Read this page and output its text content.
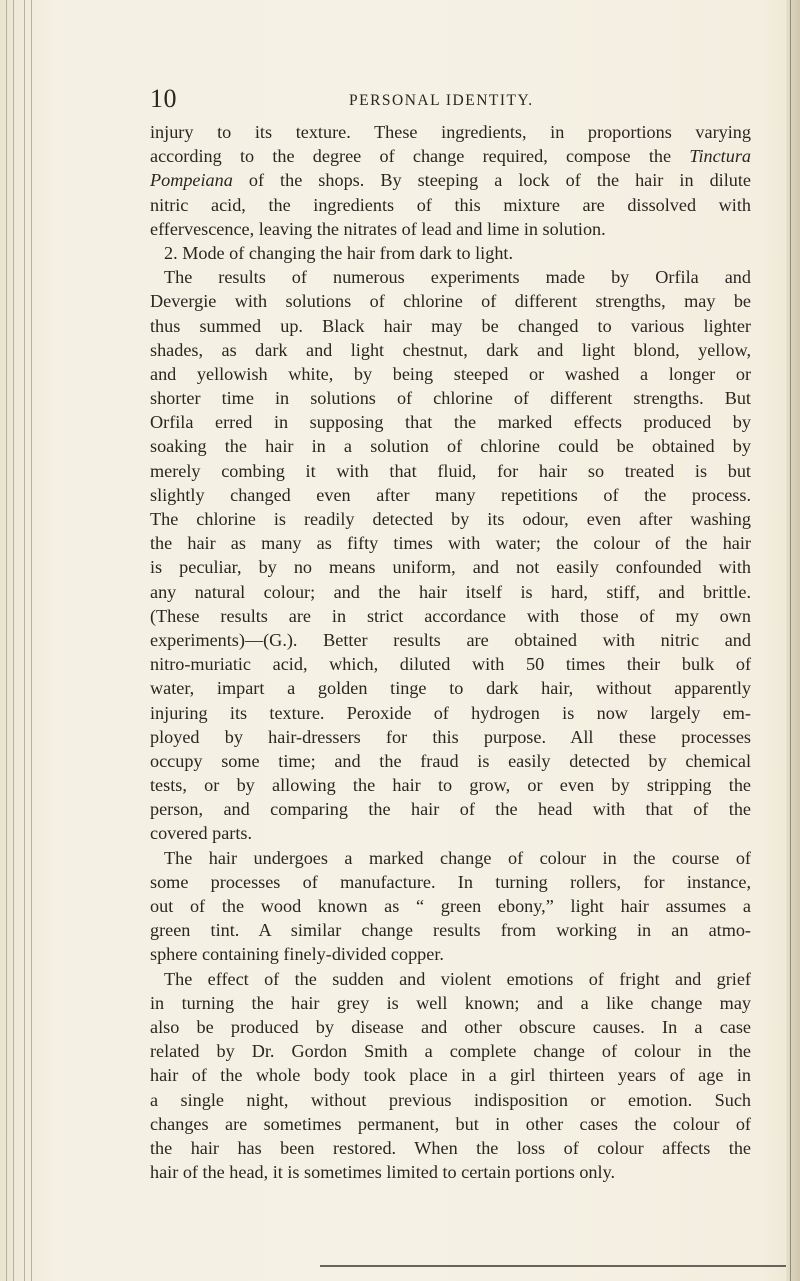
10	PERSONAL IDENTITY.
injury to its texture. These ingredients, in proportions varying
according to the degree of change required, compose the Tinctura
Pompeiana of the shops. By steeping a lock of the hair in dilute
nitric acid, the ingredients of this mixture are dissolved with
effervescence, leaving the nitrates of lead and lime in solution.
2. Mode of changing the hair from dark to light.
The results of numerous experiments made by Orfila and
Devergie with solutions of chlorine of different strengths, may be
thus summed up. Black hair may be changed to various lighter
shades, as dark and light chestnut, dark and light blond, yellow,
and yellowish white, by being steeped or washed a longer or
shorter time in solutions of chlorine of different strengths. But
Orfila erred in supposing that the marked effects produced by
soaking the hair in a solution of chlorine could be obtained by
merely combing it with that fluid, for hair so treated is but
slightly changed even after many repetitions of the process.
The chlorine is readily detected by its odour, even after washing
the hair as many as fifty times with water; the colour of the hair
is peculiar, by no means uniform, and not easily confounded with
any natural colour; and the hair itself is hard, stiff, and brittle.
(These results are in strict accordance with those of my own
experiments)—(G.). Better results are obtained with nitric and
nitro-muriatic acid, which, diluted with 50 times their bulk of
water, impart a golden tinge to dark hair, without apparently
injuring its texture. Peroxide of hydrogen is now largely em-
ployed by hair-dressers for this purpose. All these processes
occupy some time; and the fraud is easily detected by chemical
tests, or by allowing the hair to grow, or even by stripping the
person, and comparing the hair of the head with that of the
covered parts.
The hair undergoes a marked change of colour in the course of
some processes of manufacture. In turning rollers, for instance,
out of the wood known as “ green ebony,” light hair assumes a
green tint. A similar change results from working in an atmo-
sphere containing finely-divided copper.
The effect of the sudden and violent emotions of fright and grief
in turning the hair grey is well known; and a like change may
also be produced by disease and other obscure causes. In a case
related by Dr. Gordon Smith a complete change of colour in the
hair of the whole body took place in a girl thirteen years of age in
a single night, without previous indisposition or emotion. Such
changes are sometimes permanent, but in other cases the colour of
the hair has been restored. When the loss of colour affects the
hair of the head, it is sometimes limited to certain portions only.
